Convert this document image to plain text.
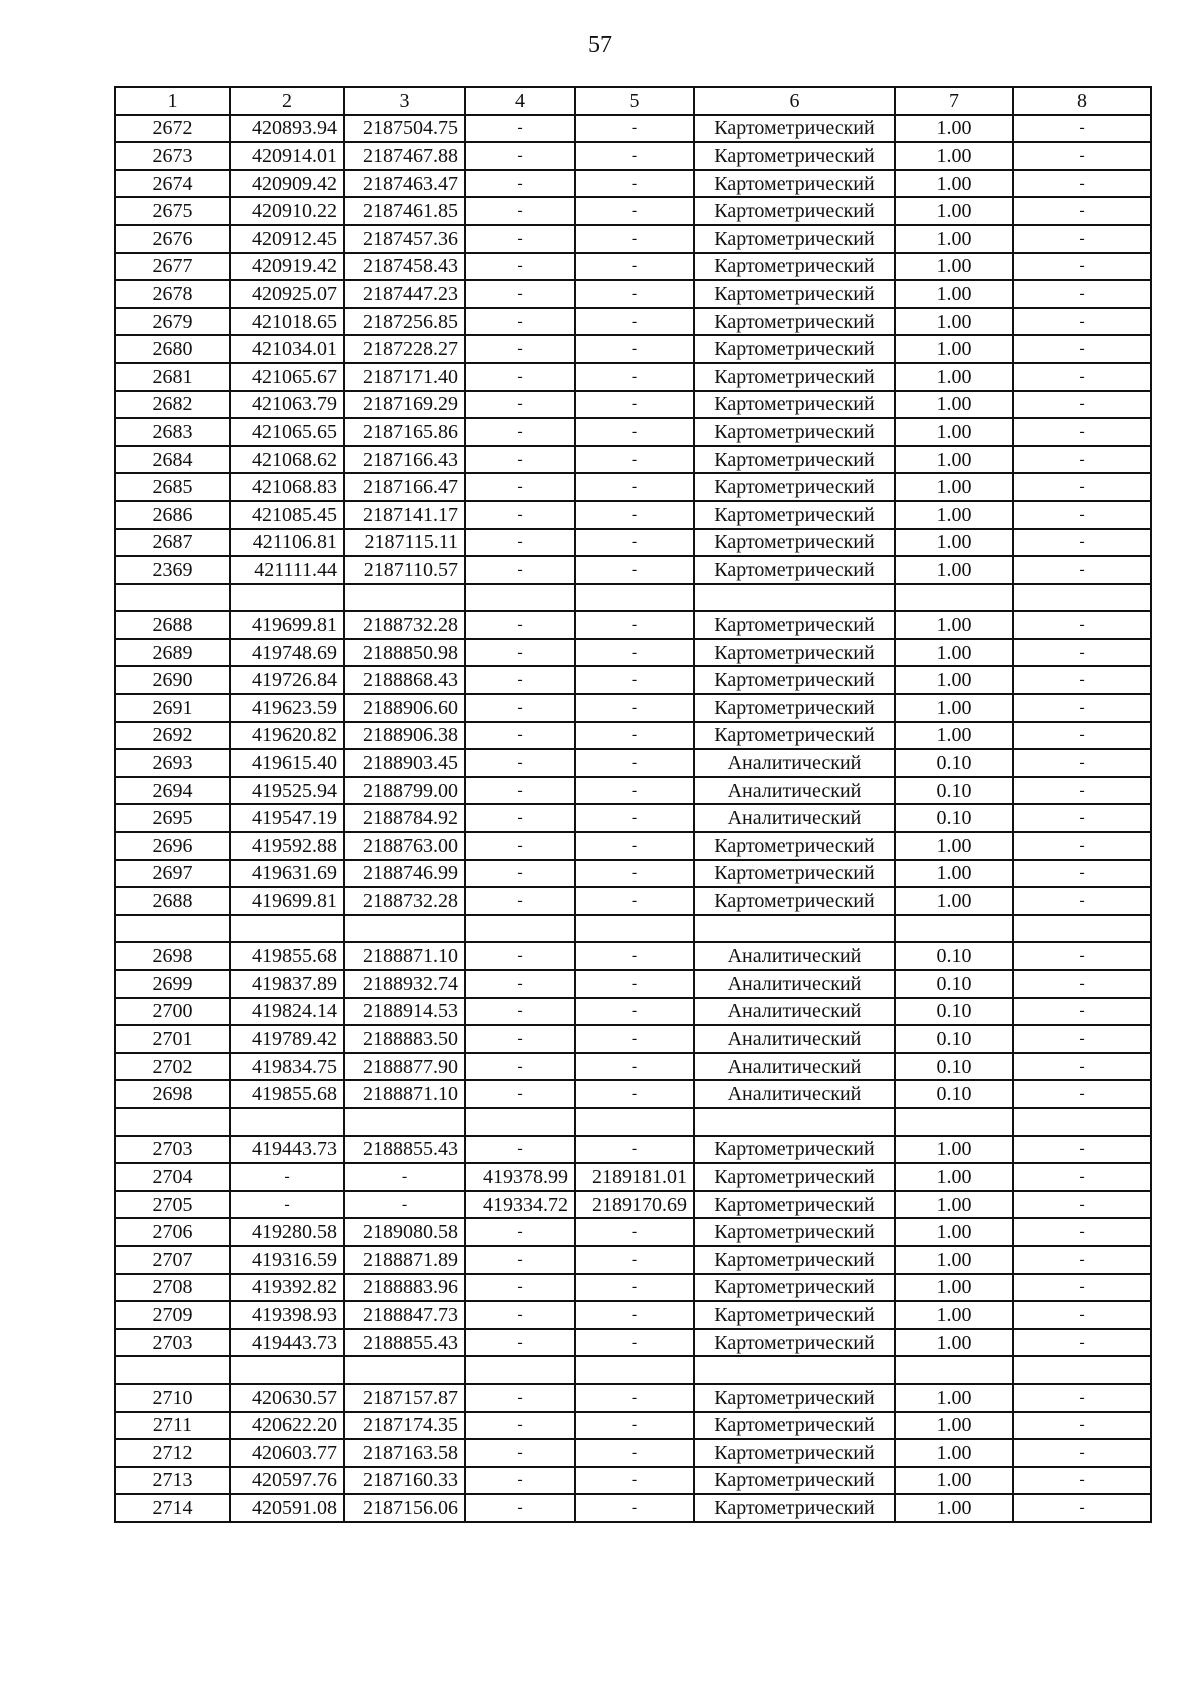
57
1	2	3	4	5	6	7	8
2672	420893.94	2187504.75	-	-	Картометрический	1.00	-
2673	420914.01	2187467.88	-	-	Картометрический	1.00	-
2674	420909.42	2187463.47	-	-	Картометрический	1.00	-
2675	420910.22	2187461.85	-	-	Картометрический	1.00	-
2676	420912.45	2187457.36	-	-	Картометрический	1.00	-
2677	420919.42	2187458.43	-	-	Картометрический	1.00	-
2678	420925.07	2187447.23	-	-	Картометрический	1.00	-
2679	421018.65	2187256.85	-	-	Картометрический	1.00	-
2680	421034.01	2187228.27	-	-	Картометрический	1.00	-
2681	421065.67	2187171.40	-	-	Картометрический	1.00	-
2682	421063.79	2187169.29	-	-	Картометрический	1.00	-
2683	421065.65	2187165.86	-	-	Картометрический	1.00	-
2684	421068.62	2187166.43	-	-	Картометрический	1.00	-
2685	421068.83	2187166.47	-	-	Картометрический	1.00	-
2686	421085.45	2187141.17	-	-	Картометрический	1.00	-
2687	421106.81	2187115.11	-	-	Картометрический	1.00	-
2369	421111.44	2187110.57	-	-	Картометрический	1.00	-

2688	419699.81	2188732.28	-	-	Картометрический	1.00	-
2689	419748.69	2188850.98	-	-	Картометрический	1.00	-
2690	419726.84	2188868.43	-	-	Картометрический	1.00	-
2691	419623.59	2188906.60	-	-	Картометрический	1.00	-
2692	419620.82	2188906.38	-	-	Картометрический	1.00	-
2693	419615.40	2188903.45	-	-	Аналитический	0.10	-
2694	419525.94	2188799.00	-	-	Аналитический	0.10	-
2695	419547.19	2188784.92	-	-	Аналитический	0.10	-
2696	419592.88	2188763.00	-	-	Картометрический	1.00	-
2697	419631.69	2188746.99	-	-	Картометрический	1.00	-
2688	419699.81	2188732.28	-	-	Картометрический	1.00	-

2698	419855.68	2188871.10	-	-	Аналитический	0.10	-
2699	419837.89	2188932.74	-	-	Аналитический	0.10	-
2700	419824.14	2188914.53	-	-	Аналитический	0.10	-
2701	419789.42	2188883.50	-	-	Аналитический	0.10	-
2702	419834.75	2188877.90	-	-	Аналитический	0.10	-
2698	419855.68	2188871.10	-	-	Аналитический	0.10	-

2703	419443.73	2188855.43	-	-	Картометрический	1.00	-
2704	-	-	419378.99	2189181.01	Картометрический	1.00	-
2705	-	-	419334.72	2189170.69	Картометрический	1.00	-
2706	419280.58	2189080.58	-	-	Картометрический	1.00	-
2707	419316.59	2188871.89	-	-	Картометрический	1.00	-
2708	419392.82	2188883.96	-	-	Картометрический	1.00	-
2709	419398.93	2188847.73	-	-	Картометрический	1.00	-
2703	419443.73	2188855.43	-	-	Картометрический	1.00	-

2710	420630.57	2187157.87	-	-	Картометрический	1.00	-
2711	420622.20	2187174.35	-	-	Картометрический	1.00	-
2712	420603.77	2187163.58	-	-	Картометрический	1.00	-
2713	420597.76	2187160.33	-	-	Картометрический	1.00	-
2714	420591.08	2187156.06	-	-	Картометрический	1.00	-
